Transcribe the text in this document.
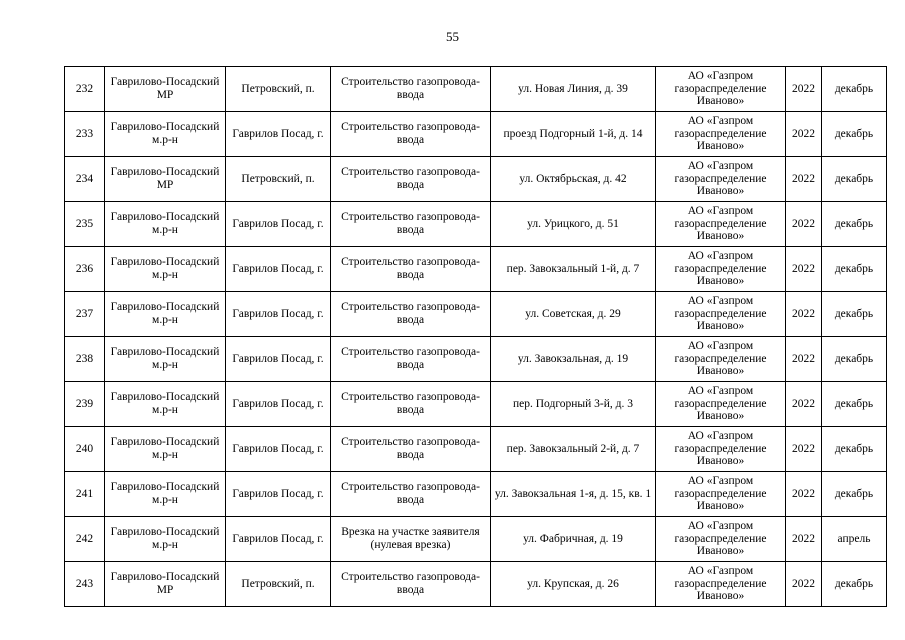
55
232	Гаврилово-Посадский МР	Петровский, п.	Строительство газопровода-ввода	ул. Новая Линия, д. 39	АО «Газпром газораспределение Иваново»	2022	декабрь
233	Гаврилово-Посадский м.р-н	Гаврилов Посад, г.	Строительство газопровода-ввода	проезд Подгорный 1-й, д. 14	АО «Газпром газораспределение Иваново»	2022	декабрь
234	Гаврилово-Посадский МР	Петровский, п.	Строительство газопровода-ввода	ул. Октябрьская, д. 42	АО «Газпром газораспределение Иваново»	2022	декабрь
235	Гаврилово-Посадский м.р-н	Гаврилов Посад, г.	Строительство газопровода-ввода	ул. Урицкого, д. 51	АО «Газпром газораспределение Иваново»	2022	декабрь
236	Гаврилово-Посадский м.р-н	Гаврилов Посад, г.	Строительство газопровода-ввода	пер. Завокзальный 1-й, д. 7	АО «Газпром газораспределение Иваново»	2022	декабрь
237	Гаврилово-Посадский м.р-н	Гаврилов Посад, г.	Строительство газопровода-ввода	ул. Советская, д. 29	АО «Газпром газораспределение Иваново»	2022	декабрь
238	Гаврилово-Посадский м.р-н	Гаврилов Посад, г.	Строительство газопровода-ввода	ул. Завокзальная, д. 19	АО «Газпром газораспределение Иваново»	2022	декабрь
239	Гаврилово-Посадский м.р-н	Гаврилов Посад, г.	Строительство газопровода-ввода	пер. Подгорный 3-й, д. 3	АО «Газпром газораспределение Иваново»	2022	декабрь
240	Гаврилово-Посадский м.р-н	Гаврилов Посад, г.	Строительство газопровода-ввода	пер. Завокзальный 2-й, д. 7	АО «Газпром газораспределение Иваново»	2022	декабрь
241	Гаврилово-Посадский м.р-н	Гаврилов Посад, г.	Строительство газопровода-ввода	ул. Завокзальная 1-я, д. 15, кв. 1	АО «Газпром газораспределение Иваново»	2022	декабрь
242	Гаврилово-Посадский м.р-н	Гаврилов Посад, г.	Врезка на участке заявителя (нулевая врезка)	ул. Фабричная, д. 19	АО «Газпром газораспределение Иваново»	2022	апрель
243	Гаврилово-Посадский МР	Петровский, п.	Строительство газопровода-ввода	ул. Крупская, д. 26	АО «Газпром газораспределение Иваново»	2022	декабрь
